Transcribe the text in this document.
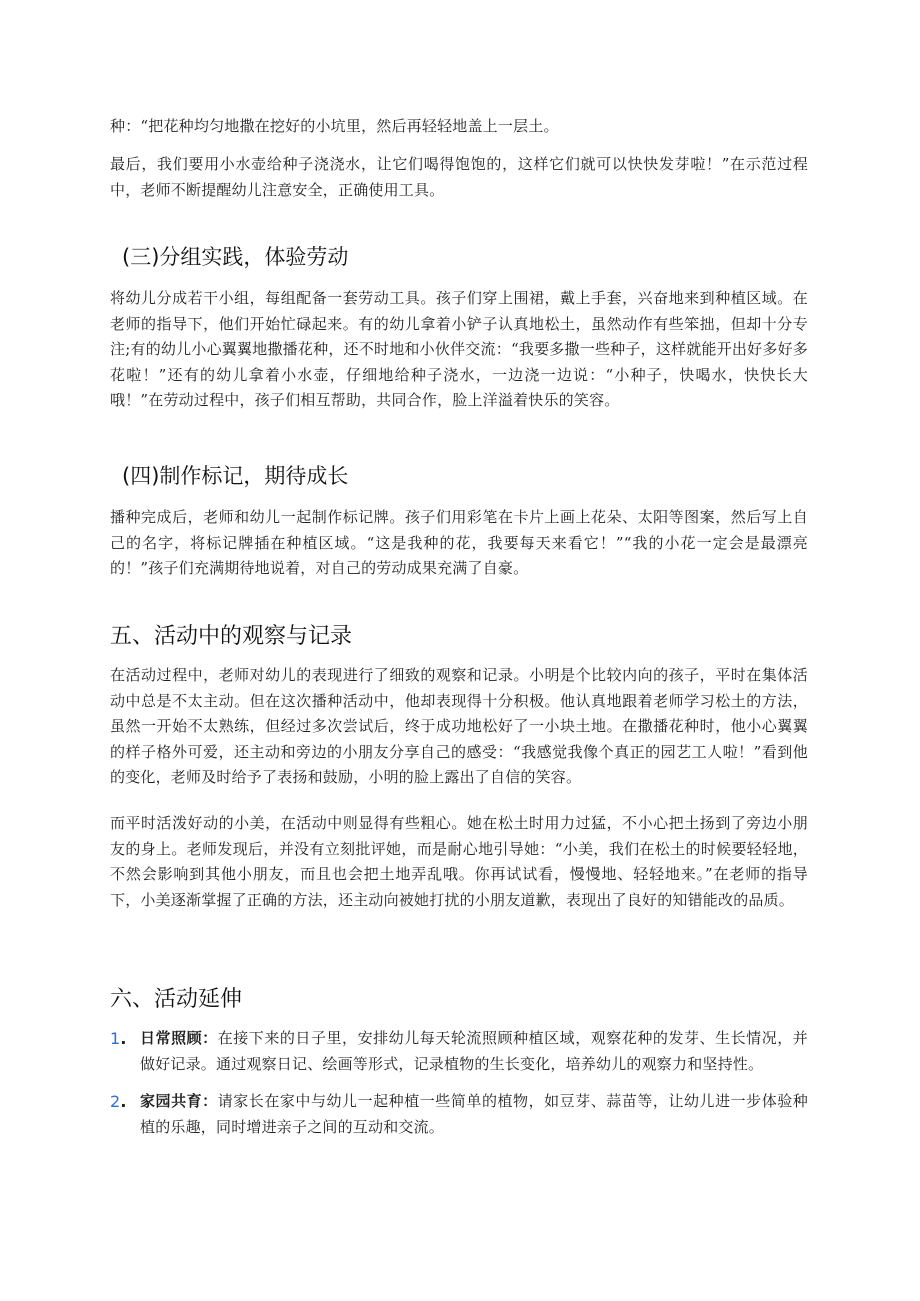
种：“把花种均匀地撒在挖好的小坑里，然后再轻轻地盖上一层土。

最后，我们要用小水壶给种子浇浇水，让它们喝得饱饱的，这样它们就可以快快发芽啦！”在示范过程中，老师不断提醒幼儿注意安全，正确使用工具。

(三)分组实践，体验劳动

将幼儿分成若干小组，每组配备一套劳动工具。孩子们穿上围裙，戴上手套，兴奋地来到种植区域。在老师的指导下，他们开始忙碌起来。有的幼儿拿着小铲子认真地松土，虽然动作有些笨拙，但却十分专注;有的幼儿小心翼翼地撒播花种，还不时地和小伙伴交流：“我要多撒一些种子，这样就能开出好多好多花啦！”还有的幼儿拿着小水壶，仔细地给种子浇水，一边浇一边说：“小种子，快喝水，快快长大哦！”在劳动过程中，孩子们相互帮助，共同合作，脸上洋溢着快乐的笑容。

(四)制作标记，期待成长

播种完成后，老师和幼儿一起制作标记牌。孩子们用彩笔在卡片上画上花朵、太阳等图案，然后写上自己的名字，将标记牌插在种植区域。“这是我种的花，我要每天来看它！”“我的小花一定会是最漂亮的！”孩子们充满期待地说着，对自己的劳动成果充满了自豪。

五、活动中的观察与记录

在活动过程中，老师对幼儿的表现进行了细致的观察和记录。小明是个比较内向的孩子，平时在集体活动中总是不太主动。但在这次播种活动中，他却表现得十分积极。他认真地跟着老师学习松土的方法，虽然一开始不太熟练，但经过多次尝试后，终于成功地松好了一小块土地。在撒播花种时，他小心翼翼的样子格外可爱，还主动和旁边的小朋友分享自己的感受：“我感觉我像个真正的园艺工人啦！”看到他的变化，老师及时给予了表扬和鼓励，小明的脸上露出了自信的笑容。

而平时活泼好动的小美，在活动中则显得有些粗心。她在松土时用力过猛，不小心把土扬到了旁边小朋友的身上。老师发现后，并没有立刻批评她，而是耐心地引导她：“小美，我们在松土的时候要轻轻地，不然会影响到其他小朋友，而且也会把土地弄乱哦。你再试试看，慢慢地、轻轻地来。”在老师的指导下，小美逐渐掌握了正确的方法，还主动向被她打扰的小朋友道歉，表现出了良好的知错能改的品质。

六、活动延伸
1. 日常照顾：在接下来的日子里，安排幼儿每天轮流照顾种植区域，观察花种的发芽、生长情况，并做好记录。通过观察日记、绘画等形式，记录植物的生长变化，培养幼儿的观察力和坚持性。
2. 家园共育：请家长在家中与幼儿一起种植一些简单的植物，如豆芽、蒜苗等，让幼儿进一步体验种植的乐趣，同时增进亲子之间的互动和交流。
